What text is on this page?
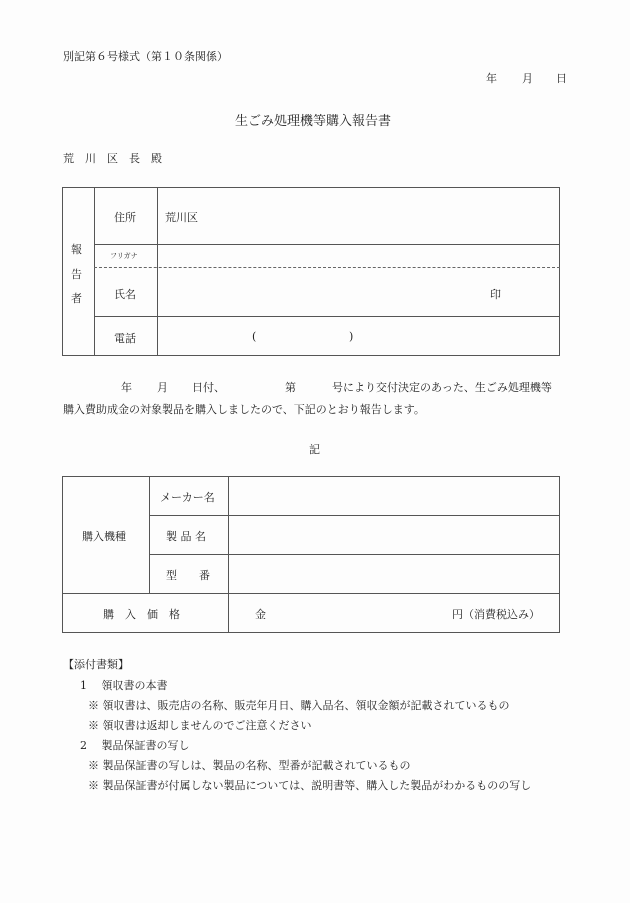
別記第６号様式（第１０条関係）
年 月 日
生ごみ処理機等購入報告書
荒　川　区　長　殿
報
告
者
住所	荒川区
フリガナ
氏名	印
電話	(	)
年 月 日付、	第	号により交付決定のあった、生ごみ処理機等
購入費助成金の対象製品を購入しましたので、下記のとおり報告します。
記
購入機種
メーカー名
製 品 名
型　　番
購　入　価　格	金	円（消費税込み）
【添付書類】
1　 領収書の本書
※ 領収書は、販売店の名称、販売年月日、購入品名、領収金額が記載されているもの
※ 領収書は返却しませんのでご注意ください
2　 製品保証書の写し
※ 製品保証書の写しは、製品の名称、型番が記載されているもの
※ 製品保証書が付属しない製品については、説明書等、購入した製品がわかるものの写し
